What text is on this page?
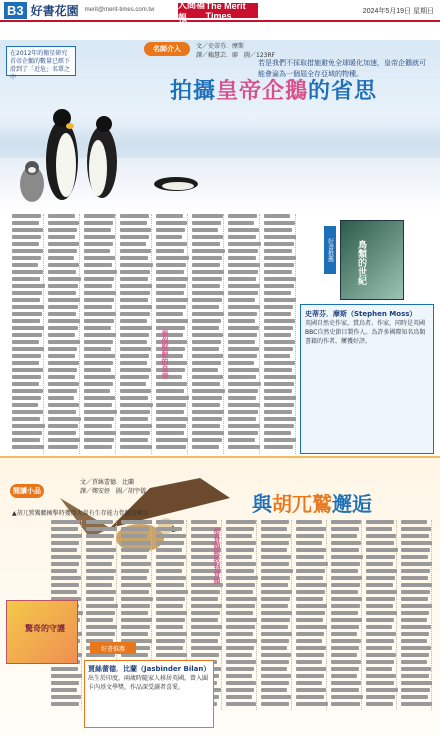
B3 好書花園 merit@merit-times.com.tw
人間福報
The Merit Times	2024年5月19日 星期日
在2012年的衛星研究 首帝企鵝的數量已經下滑到了「近危」名單之中
名師介入	文／史蒂芬．摩斯
譯／賴慧芸．廖　圖／123RF
若是我們不採取措施避免全球暖化加速，皇帝企鵝就可能會淪為一個屆全存亞域的物種。
拍攝皇帝企鵝的省思
看似堅韌的皇帝
好書推薦	鳥類的世紀
史蒂芬．摩斯（Stephen Moss）
英國自然史作家，賞鳥者。作家，同時是英國BBC自然史節目製作人。為許多國際知名鳥類書籍的作者，屢獲好評。
閱讀小品
文／賈絲蕾德．比蘭
譯／鄭安妤　圖／胡宇儀
▲胡兀鷲獨鵬擁擊時獲得大量有生存能力骨髓而喙鳥	與胡兀鷲邂逅
從骨頭吸收到骨頭
驚奇的守護
好書推薦
賈絲蕾德．比蘭（Jasbinder Bilan）
出生於印度，兩歲時隨家人移居英國。曾入圍卡內基文學獎，作品深受讀者喜愛。
